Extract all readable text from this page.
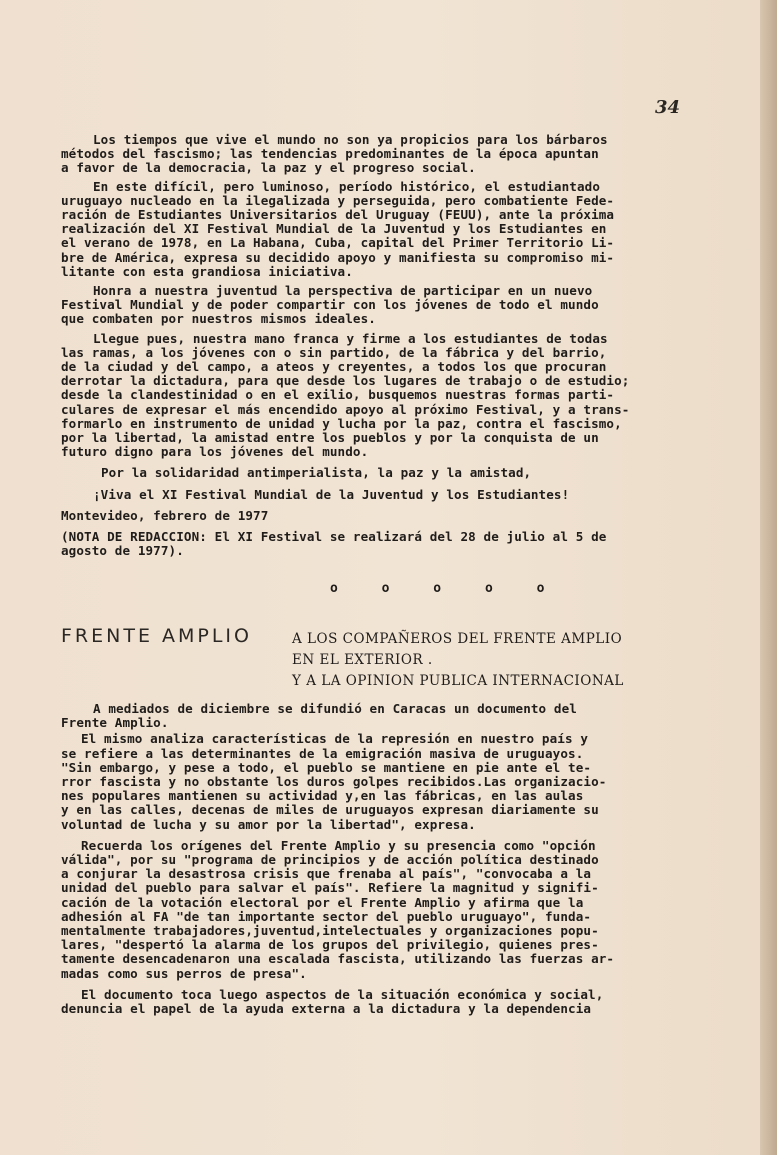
34
Los tiempos que vive el mundo no son ya propicios para los bárbaros
métodos del fascismo; las tendencias predominantes de la época apuntan
a favor de la democracia, la paz y el progreso social.
En este difícil, pero luminoso, período histórico, el estudiantado
uruguayo nucleado en la ilegalizada y perseguida, pero combatiente Fede-
ración de Estudiantes Universitarios del Uruguay (FEUU), ante la próxima
realización del XI Festival Mundial de la Juventud y los Estudiantes en
el verano de 1978, en La Habana, Cuba, capital del Primer Territorio Li-
bre de América, expresa su decidido apoyo y manifiesta su compromiso mi-
litante con esta grandiosa iniciativa.
Honra a nuestra juventud la perspectiva de participar en un nuevo
Festival Mundial y de poder compartir con los jóvenes de todo el mundo
que combaten por nuestros mismos ideales.
Llegue pues, nuestra mano franca y firme a los estudiantes de todas
las ramas, a los jóvenes con o sin partido, de la fábrica y del barrio,
de la ciudad y del campo, a ateos y creyentes, a todos los que procuran
derrotar la dictadura, para que desde los lugares de trabajo o de estudio;
desde la clandestinidad o en el exilio, busquemos nuestras formas parti-
culares de expresar el más encendido apoyo al próximo Festival, y a trans-
formarlo en instrumento de unidad y lucha por la paz, contra el fascismo,
por la libertad, la amistad entre los pueblos y por la conquista de un
futuro digno para los jóvenes del mundo.
Por la solidaridad antimperialista, la paz y la amistad,
¡Viva el XI Festival Mundial de la Juventud y los Estudiantes!
Montevideo, febrero de 1977
(NOTA DE REDACCION: El XI Festival se realizará del 28 de julio al 5 de
agosto de 1977).
o o o o o
FRENTE AMPLIO	A LOS COMPAÑEROS DEL FRENTE AMPLIO
EN EL EXTERIOR .
Y A LA OPINION PUBLICA INTERNACIONAL
A mediados de diciembre se difundió en Caracas un documento del
Frente Amplio.
El mismo analiza características de la represión en nuestro país y
se refiere a las determinantes de la emigración masiva de uruguayos.
"Sin embargo, y pese a todo, el pueblo se mantiene en pie ante el te-
rror fascista y no obstante los duros golpes recibidos.Las organizacio-
nes populares mantienen su actividad y,en las fábricas, en las aulas
y en las calles, decenas de miles de uruguayos expresan diariamente su
voluntad de lucha y su amor por la libertad", expresa.
Recuerda los orígenes del Frente Amplio y su presencia como "opción
válida", por su "programa de principios y de acción política destinado
a conjurar la desastrosa crisis que frenaba al país", "convocaba a la
unidad del pueblo para salvar el país". Refiere la magnitud y signifi-
cación de la votación electoral por el Frente Amplio y afirma que la
adhesión al FA "de tan importante sector del pueblo uruguayo", funda-
mentalmente trabajadores,juventud,intelectuales y organizaciones popu-
lares, "despertó la alarma de los grupos del privilegio, quienes pres-
tamente desencadenaron una escalada fascista, utilizando las fuerzas ar-
madas como sus perros de presa".
El documento toca luego aspectos de la situación económica y social,
denuncia el papel de la ayuda externa a la dictadura y la dependencia
